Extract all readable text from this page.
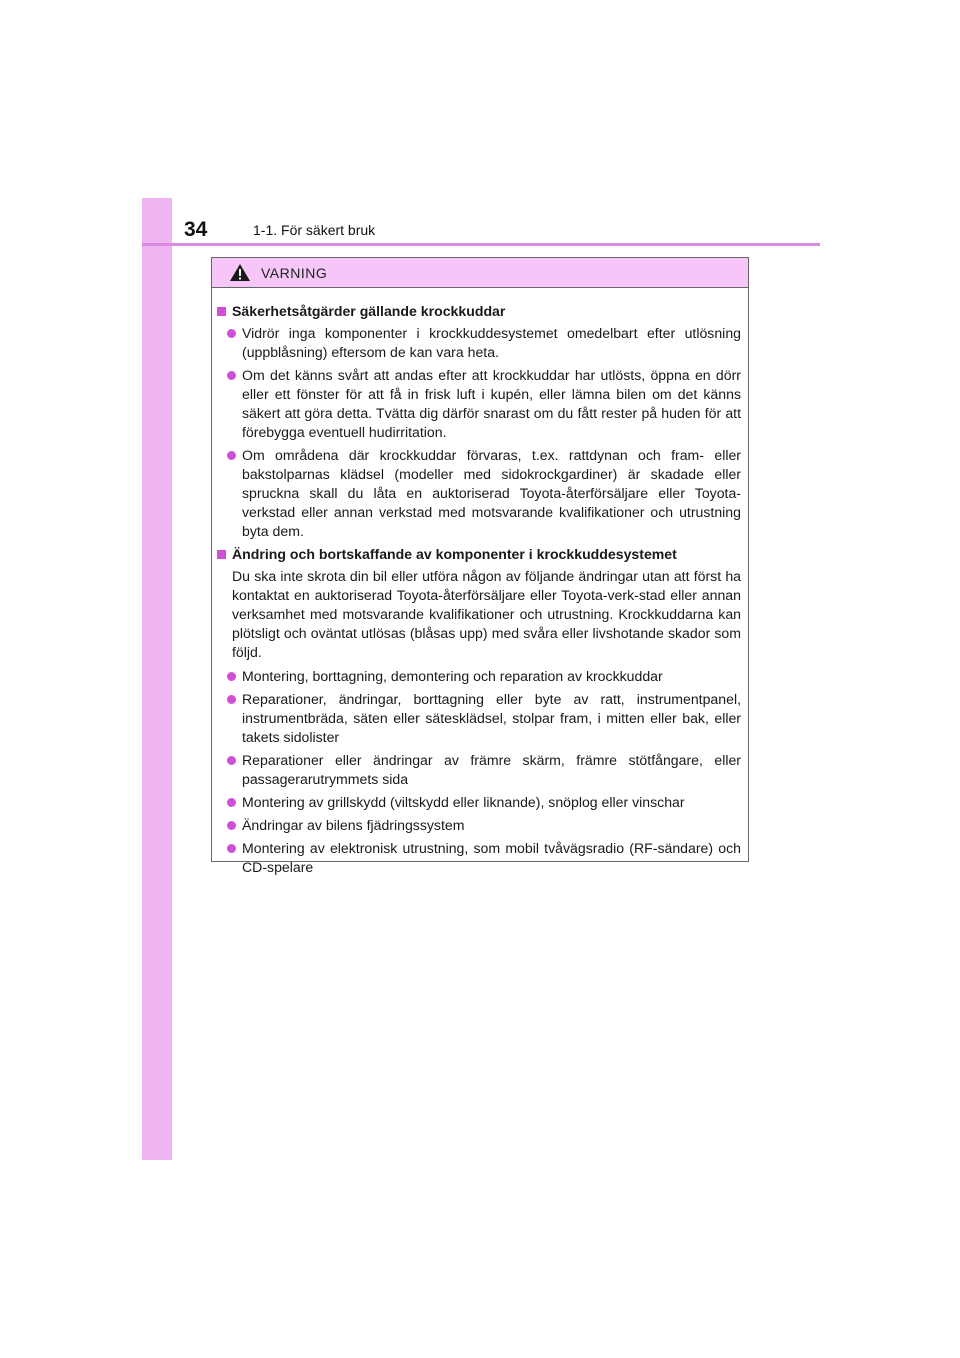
34	1-1. För säkert bruk
VARNING
Säkerhetsåtgärder gällande krockkuddar
Vidrör inga komponenter i krockkuddesystemet omedelbart efter utlösning (uppblåsning) eftersom de kan vara heta.
Om det känns svårt att andas efter att krockkuddar har utlösts, öppna en dörr eller ett fönster för att få in frisk luft i kupén, eller lämna bilen om det känns säkert att göra detta. Tvätta dig därför snarast om du fått rester på huden för att förebygga eventuell hudirritation.
Om områdena där krockkuddar förvaras, t.ex. rattdynan och fram- eller bakstolparnas klädsel (modeller med sidokrockgardiner) är skadade eller spruckna skall du låta en auktoriserad Toyota-återförsäljare eller Toyota-verkstad eller annan verkstad med motsvarande kvalifikationer och utrustning byta dem.
Ändring och bortskaffande av komponenter i krockkuddesystemet
Du ska inte skrota din bil eller utföra någon av följande ändringar utan att först ha kontaktat en auktoriserad Toyota-återförsäljare eller Toyota-verk-stad eller annan verksamhet med motsvarande kvalifikationer och utrustning. Krockkuddarna kan plötsligt och oväntat utlösas (blåsas upp) med svåra eller livshotande skador som följd.
Montering, borttagning, demontering och reparation av krockkuddar
Reparationer, ändringar, borttagning eller byte av ratt, instrumentpanel, instrumentbräda, säten eller sätesklädsel, stolpar fram, i mitten eller bak, eller takets sidolister
Reparationer eller ändringar av främre skärm, främre stötfångare, eller passagerarutrymmets sida
Montering av grillskydd (viltskydd eller liknande), snöplog eller vinschar
Ändringar av bilens fjädringssystem
Montering av elektronisk utrustning, som mobil tvåvägsradio (RF-sändare) och CD-spelare
